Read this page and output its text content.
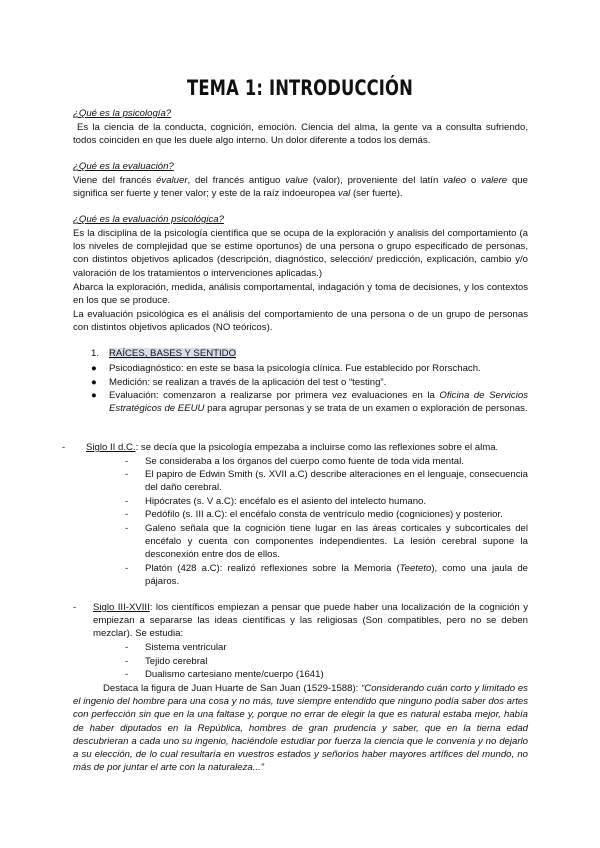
TEMA 1: INTRODUCCIÓN
¿Qué es la psicología?
Es la ciencia de la conducta, cognición, emoción. Ciencia del alma, la gente va a consulta sufriendo, todos coinciden en que les duele algo interno. Un dolor diferente a todos los demás.
¿Qué es la evaluación?
Viene del francés évaluer, del francés antiguo value (valor), proveniente del latín valeo o valere que significa ser fuerte y tener valor; y este de la raíz indoeuropea val (ser fuerte).
¿Qué es la evaluación psicológica?
Es la disciplina de la psicología científica que se ocupa de la exploración y analisis del comportamiento (a los niveles de complejidad que se estime oportunos) de una persona o grupo especificado de personas, con distintos objetivos aplicados (descripción, diagnóstico, selección/ predicción, explicación, cambio y/o valoración de los tratamientos o intervenciones aplicadas.)
Abarca la exploración, medida, análisis comportamental, indagación y toma de decisiones, y los contextos en los que se produce.
La evaluación psicológica es el análisis del comportamiento de una persona o de un grupo de personas con distintos objetivos aplicados (NO teóricos).
1. RAÍCES, BASES Y SENTIDO
● Psicodiagnóstico: en este se basa la psicología clínica. Fue establecido por Rorschach.
● Medición: se realizan a través de la aplicación del test o “testing”.
● Evaluación: comenzaron a realizarse por primera vez evaluaciones en la Oficina de Servicios Estratégicos de EEUU para agrupar personas y se trata de un examen o exploración de personas.
- Siglo II d.C.: se decía que la psicología empezaba a incluirse como las reflexiones sobre el alma.
- Se consideraba a los órganos del cuerpo como fuente de toda vida mental.
- El papiro de Edwin Smith (s. XVII a.C) describe alteraciones en el lenguaje, consecuencia del daño cerebral.
- Hipócrates (s. V a.C): encéfalo es el asiento del intelecto humano.
- Pedófilo (s. III a.C): el encéfalo consta de ventrículo medio (cogniciones) y posterior.
- Galeno señala que la cognición tiene lugar en las áreas corticales y subcorticales del encéfalo y cuenta con componentes independientes. La lesión cerebral supone la desconexión entre dos de ellos.
- Platón (428 a.C): realizó reflexiones sobre la Memoria (Teeteto), como una jaula de pájaros.
- Siglo III-XVIII: los científicos empiezan a pensar que puede haber una localización de la cognición y empiezan a separarse las ideas científicas y las religiosas (Son compatibles, pero no se deben mezclar). Se estudia:
- Sistema ventricular
- Tejido cerebral
- Dualismo cartesiano mente/cuerpo (1641)
Destaca la figura de Juan Huarte de San Juan (1529-1588): “Considerando cuán corto y limitado es el ingenio del hombre para una cosa y no más, tuve siempre entendido que ninguno podía saber dos artes con perfección sin que en la una faltase y, porque no errar de elegir la que es natural estaba mejor, había de haber diputados en la República, hombres de gran prudencia y saber, que en la tierna edad descubrieran a cada uno su ingenio, haciéndole estudiar por fuerza la ciencia que le convenía y no dejarlo a su elección, de lo cual resultaría en vuestros estados y señoríos haber mayores artífices del mundo, no más de por juntar el arte con la naturaleza...”
